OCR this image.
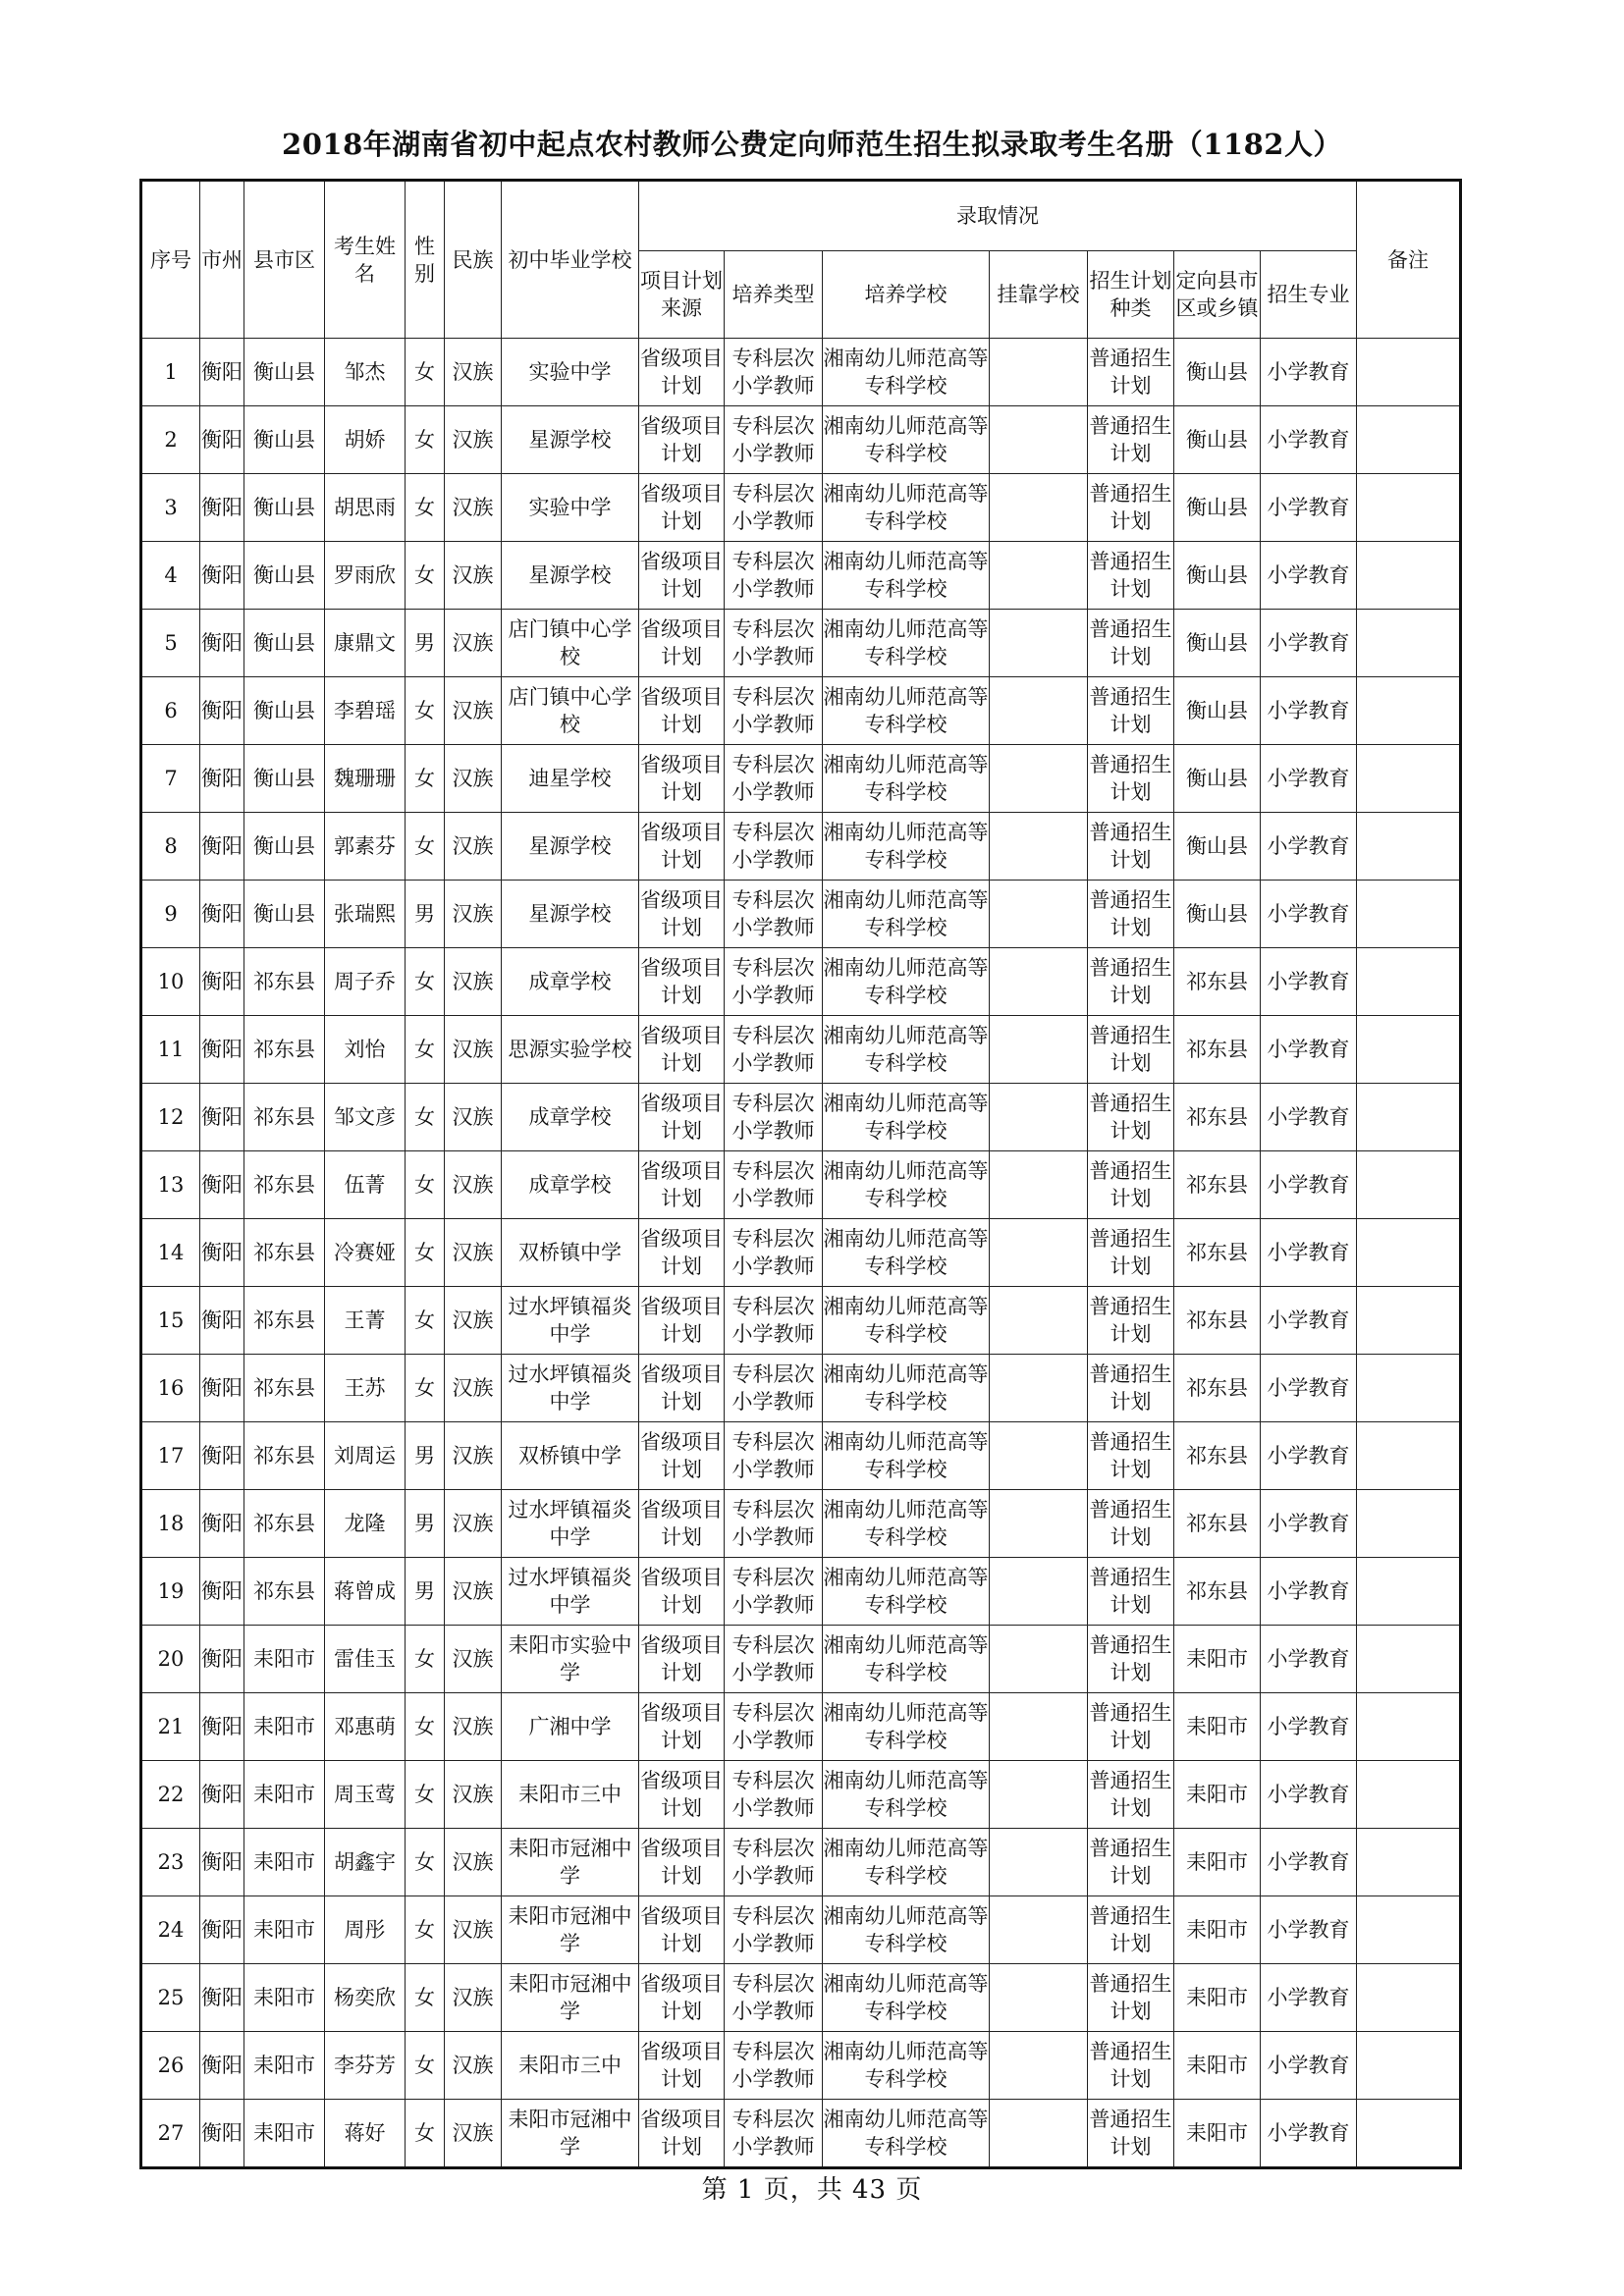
2018年湖南省初中起点农村教师公费定向师范生招生拟录取考生名册（1182人）
序号	市州	县市区	考生姓名	性别	民族	初中毕业学校	录取情况							备注
							项目计划来源	培养类型	培养学校	挂靠学校	招生计划种类	定向县市区或乡镇	招生专业	
1	衡阳	衡山县	邹杰	女	汉族	实验中学	省级项目计划	专科层次小学教师	湘南幼儿师范高等专科学校		普通招生计划	衡山县	小学教育	
2	衡阳	衡山县	胡娇	女	汉族	星源学校	省级项目计划	专科层次小学教师	湘南幼儿师范高等专科学校		普通招生计划	衡山县	小学教育	
3	衡阳	衡山县	胡思雨	女	汉族	实验中学	省级项目计划	专科层次小学教师	湘南幼儿师范高等专科学校		普通招生计划	衡山县	小学教育	
4	衡阳	衡山县	罗雨欣	女	汉族	星源学校	省级项目计划	专科层次小学教师	湘南幼儿师范高等专科学校		普通招生计划	衡山县	小学教育	
5	衡阳	衡山县	康鼎文	男	汉族	店门镇中心学校	省级项目计划	专科层次小学教师	湘南幼儿师范高等专科学校		普通招生计划	衡山县	小学教育	
6	衡阳	衡山县	李碧瑶	女	汉族	店门镇中心学校	省级项目计划	专科层次小学教师	湘南幼儿师范高等专科学校		普通招生计划	衡山县	小学教育	
7	衡阳	衡山县	魏珊珊	女	汉族	迪星学校	省级项目计划	专科层次小学教师	湘南幼儿师范高等专科学校		普通招生计划	衡山县	小学教育	
8	衡阳	衡山县	郭素芬	女	汉族	星源学校	省级项目计划	专科层次小学教师	湘南幼儿师范高等专科学校		普通招生计划	衡山县	小学教育	
9	衡阳	衡山县	张瑞熙	男	汉族	星源学校	省级项目计划	专科层次小学教师	湘南幼儿师范高等专科学校		普通招生计划	衡山县	小学教育	
10	衡阳	祁东县	周子乔	女	汉族	成章学校	省级项目计划	专科层次小学教师	湘南幼儿师范高等专科学校		普通招生计划	祁东县	小学教育	
11	衡阳	祁东县	刘怡	女	汉族	思源实验学校	省级项目计划	专科层次小学教师	湘南幼儿师范高等专科学校		普通招生计划	祁东县	小学教育	
12	衡阳	祁东县	邹文彦	女	汉族	成章学校	省级项目计划	专科层次小学教师	湘南幼儿师范高等专科学校		普通招生计划	祁东县	小学教育	
13	衡阳	祁东县	伍菁	女	汉族	成章学校	省级项目计划	专科层次小学教师	湘南幼儿师范高等专科学校		普通招生计划	祁东县	小学教育	
14	衡阳	祁东县	冷赛娅	女	汉族	双桥镇中学	省级项目计划	专科层次小学教师	湘南幼儿师范高等专科学校		普通招生计划	祁东县	小学教育	
15	衡阳	祁东县	王菁	女	汉族	过水坪镇福炎中学	省级项目计划	专科层次小学教师	湘南幼儿师范高等专科学校		普通招生计划	祁东县	小学教育	
16	衡阳	祁东县	王苏	女	汉族	过水坪镇福炎中学	省级项目计划	专科层次小学教师	湘南幼儿师范高等专科学校		普通招生计划	祁东县	小学教育	
17	衡阳	祁东县	刘周运	男	汉族	双桥镇中学	省级项目计划	专科层次小学教师	湘南幼儿师范高等专科学校		普通招生计划	祁东县	小学教育	
18	衡阳	祁东县	龙隆	男	汉族	过水坪镇福炎中学	省级项目计划	专科层次小学教师	湘南幼儿师范高等专科学校		普通招生计划	祁东县	小学教育	
19	衡阳	祁东县	蒋曾成	男	汉族	过水坪镇福炎中学	省级项目计划	专科层次小学教师	湘南幼儿师范高等专科学校		普通招生计划	祁东县	小学教育	
20	衡阳	耒阳市	雷佳玉	女	汉族	耒阳市实验中学	省级项目计划	专科层次小学教师	湘南幼儿师范高等专科学校		普通招生计划	耒阳市	小学教育	
21	衡阳	耒阳市	邓惠萌	女	汉族	广湘中学	省级项目计划	专科层次小学教师	湘南幼儿师范高等专科学校		普通招生计划	耒阳市	小学教育	
22	衡阳	耒阳市	周玉莺	女	汉族	耒阳市三中	省级项目计划	专科层次小学教师	湘南幼儿师范高等专科学校		普通招生计划	耒阳市	小学教育	
23	衡阳	耒阳市	胡鑫宇	女	汉族	耒阳市冠湘中学	省级项目计划	专科层次小学教师	湘南幼儿师范高等专科学校		普通招生计划	耒阳市	小学教育	
24	衡阳	耒阳市	周彤	女	汉族	耒阳市冠湘中学	省级项目计划	专科层次小学教师	湘南幼儿师范高等专科学校		普通招生计划	耒阳市	小学教育	
25	衡阳	耒阳市	杨奕欣	女	汉族	耒阳市冠湘中学	省级项目计划	专科层次小学教师	湘南幼儿师范高等专科学校		普通招生计划	耒阳市	小学教育	
26	衡阳	耒阳市	李芬芳	女	汉族	耒阳市三中	省级项目计划	专科层次小学教师	湘南幼儿师范高等专科学校		普通招生计划	耒阳市	小学教育	
27	衡阳	耒阳市	蒋好	女	汉族	耒阳市冠湘中学	省级项目计划	专科层次小学教师	湘南幼儿师范高等专科学校		普通招生计划	耒阳市	小学教育	
第 1 页，共 43 页
